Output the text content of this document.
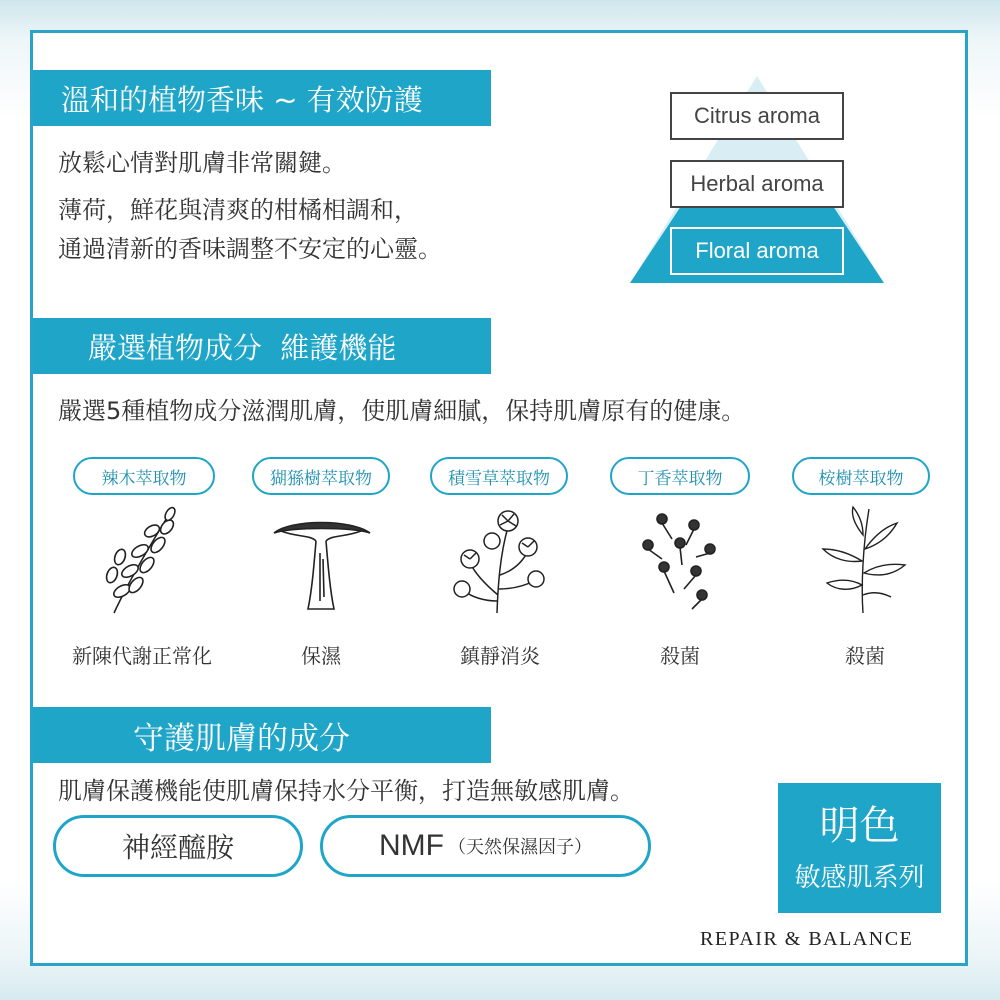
溫和的植物香味 ~ 有效防護

放鬆心情對肌膚非常關鍵。

薄荷，鮮花與清爽的柑橘相調和，

通過清新的香味調整不安定的心靈。

Citrus aroma
Herbal aroma
Floral aroma
嚴選植物成分  維護機能

嚴選5種植物成分滋潤肌膚，使肌膚細膩，保持肌膚原有的健康。

辣木萃取物	猢猻樹萃取物	積雪草萃取物	丁香萃取物	桉樹萃取物
新陳代謝正常化	保濕	鎮靜消炎	殺菌	殺菌
守護肌膚的成分

肌膚保護機能使肌膚保持水分平衡，打造無敏感肌膚。

神經醯胺	NMF （天然保濕因子）	明色
敏感肌系列
REPAIR & BALANCE
